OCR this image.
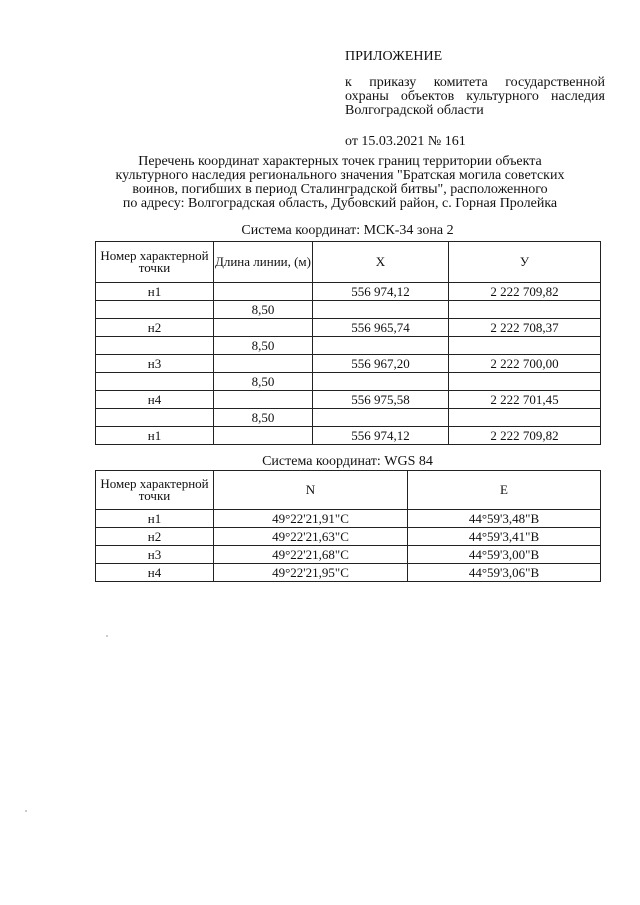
ПРИЛОЖЕНИЕ
к приказу комитета государственной охраны объектов культурного наследия Волгоградской области
от 15.03.2021 № 161
Перечень координат характерных точек границ территории объекта
культурного наследия регионального значения "Братская могила советских
воинов, погибших в период Сталинградской битвы", расположенного
по адресу: Волгоградская область, Дубовский район, с. Горная Пролейка
Система координат: МСК-34 зона 2
Номер характерной точки	Длина линии, (м)	X	У
н1		556 974,12	2 222 709,82
	8,50		
н2		556 965,74	2 222 708,37
	8,50		
н3		556 967,20	2 222 700,00
	8,50		
н4		556 975,58	2 222 701,45
	8,50		
н1		556 974,12	2 222 709,82
Система координат: WGS 84
Номер характерной точки	N	E
н1	49°22'21,91"С	44°59'3,48"В
н2	49°22'21,63"С	44°59'3,41"В
н3	49°22'21,68"С	44°59'3,00"В
н4	49°22'21,95"С	44°59'3,06"В
